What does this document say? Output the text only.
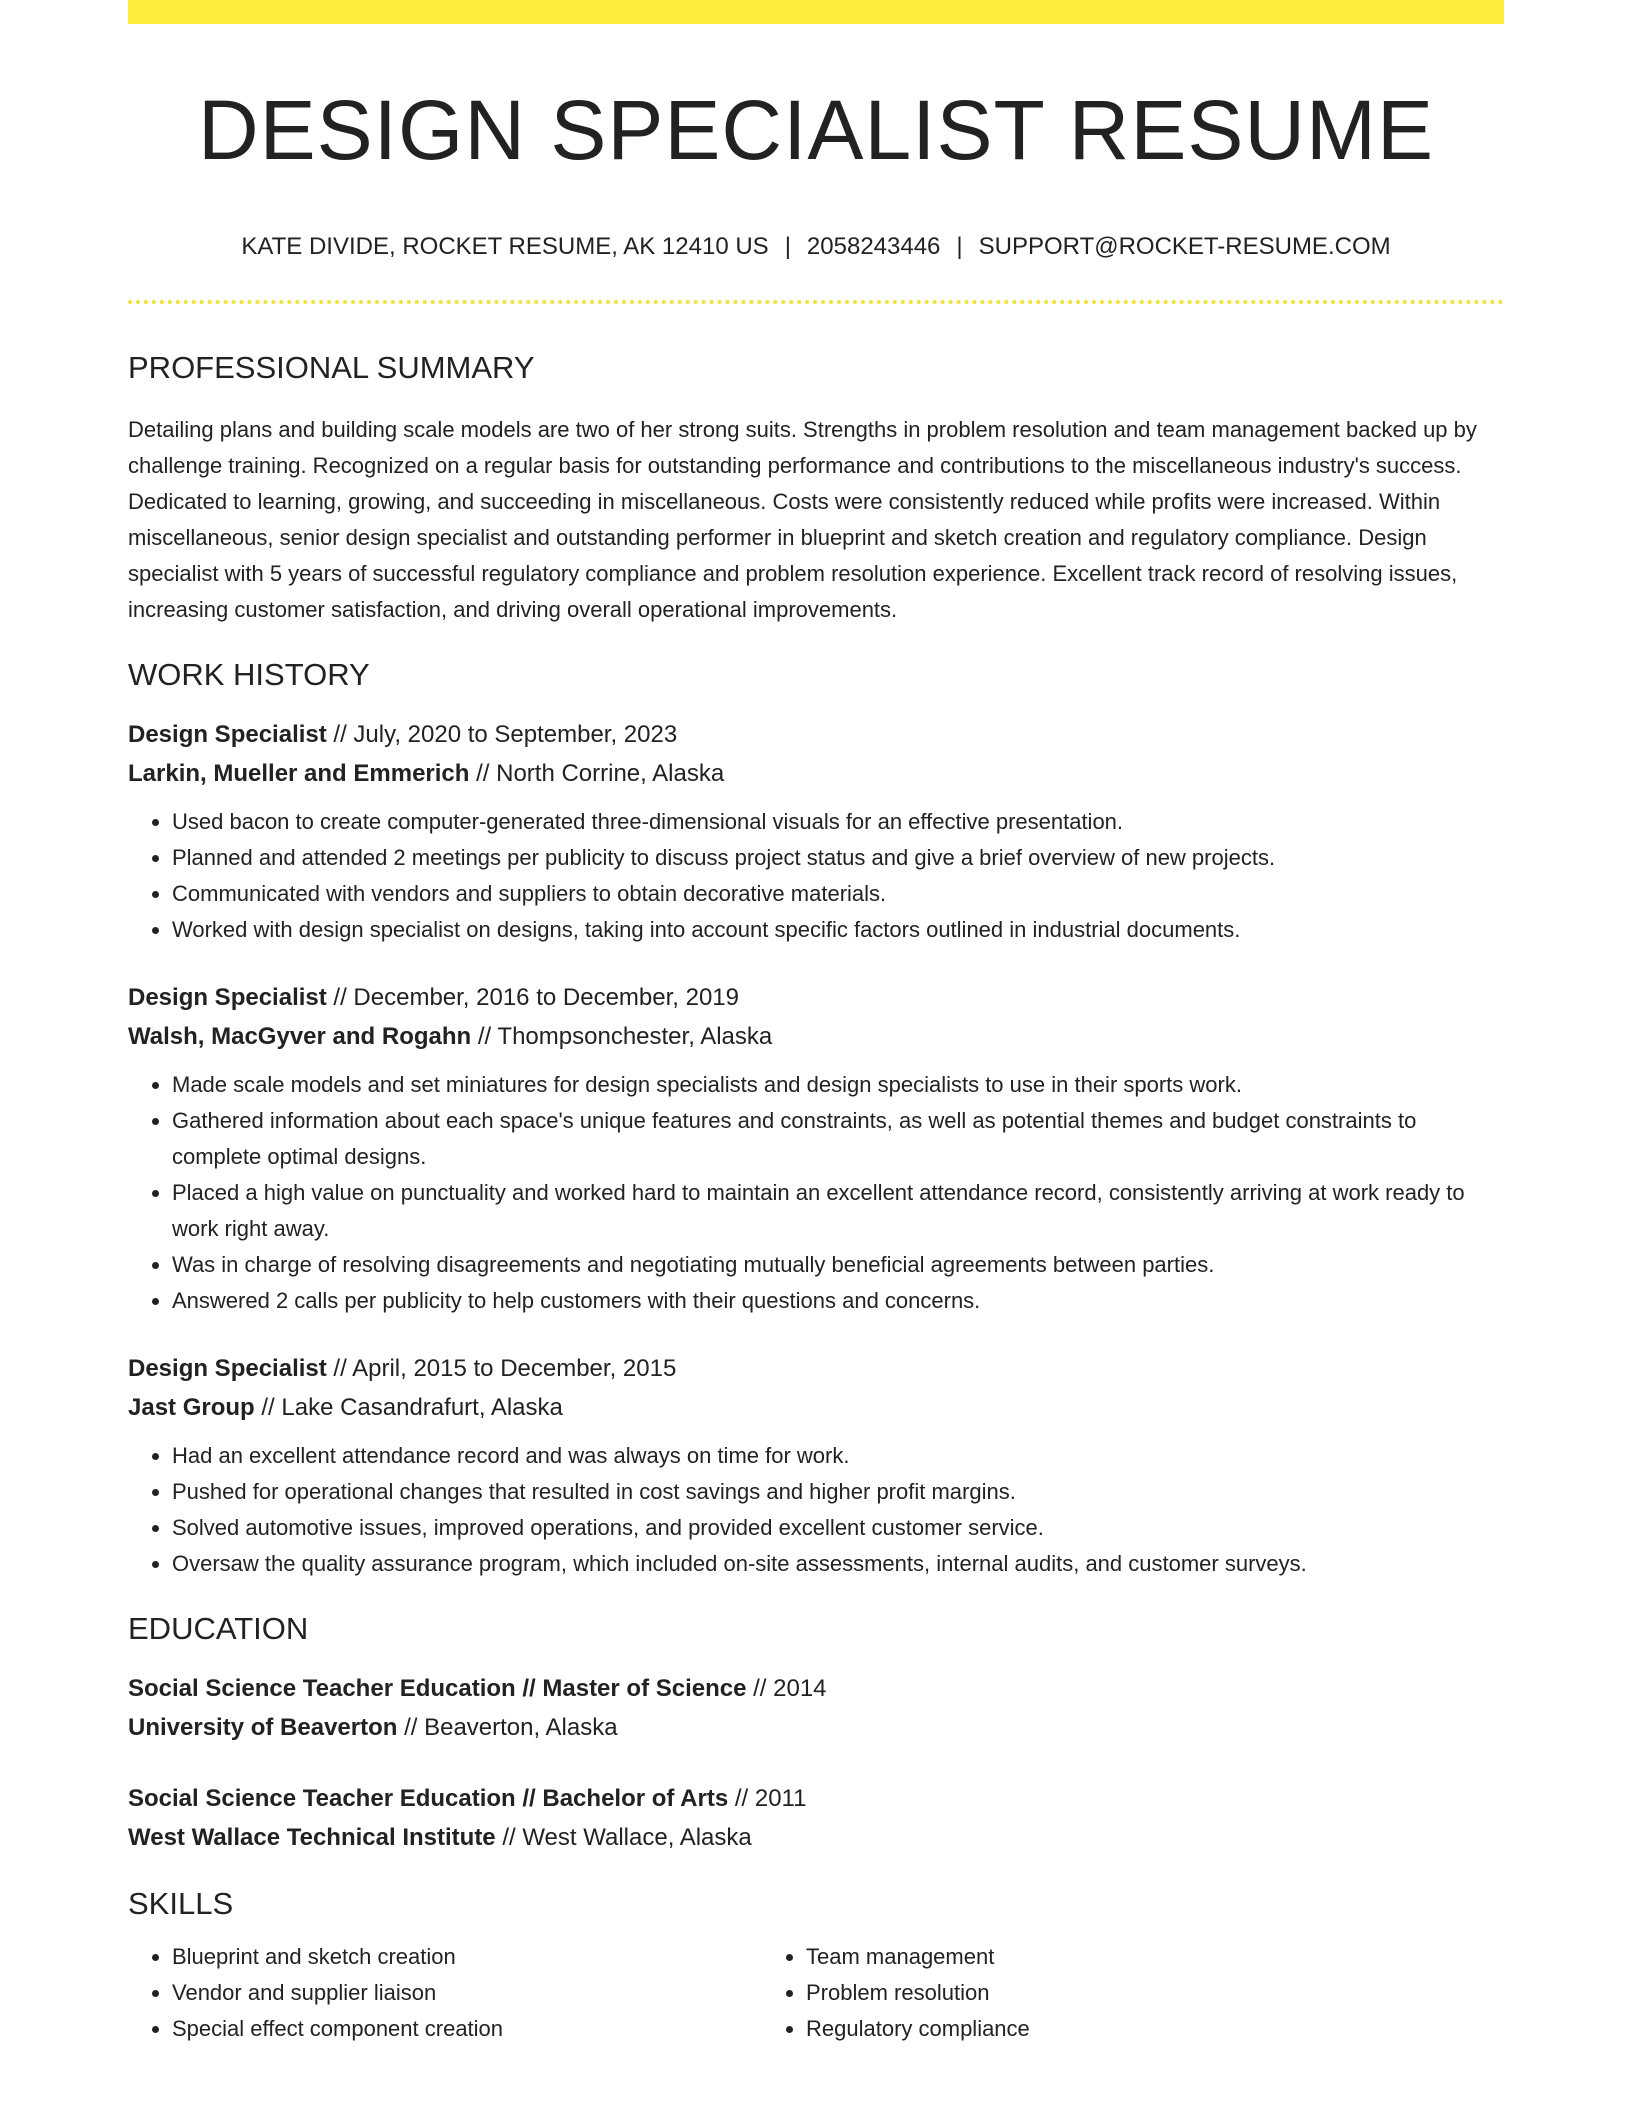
DESIGN SPECIALIST RESUME
KATE DIVIDE, ROCKET RESUME, AK 12410 US | 2058243446 | SUPPORT@ROCKET-RESUME.COM
PROFESSIONAL SUMMARY

Detailing plans and building scale models are two of her strong suits. Strengths in problem resolution and team management backed up by challenge training. Recognized on a regular basis for outstanding performance and contributions to the miscellaneous industry's success. Dedicated to learning, growing, and succeeding in miscellaneous. Costs were consistently reduced while profits were increased. Within miscellaneous, senior design specialist and outstanding performer in blueprint and sketch creation and regulatory compliance. Design specialist with 5 years of successful regulatory compliance and problem resolution experience. Excellent track record of resolving issues, increasing customer satisfaction, and driving overall operational improvements.

WORK HISTORY
Design Specialist // July, 2020 to September, 2023
Larkin, Mueller and Emmerich // North Corrine, Alaska
• Used bacon to create computer-generated three-dimensional visuals for an effective presentation.
• Planned and attended 2 meetings per publicity to discuss project status and give a brief overview of new projects.
• Communicated with vendors and suppliers to obtain decorative materials.
• Worked with design specialist on designs, taking into account specific factors outlined in industrial documents.
Design Specialist // December, 2016 to December, 2019
Walsh, MacGyver and Rogahn // Thompsonchester, Alaska
• Made scale models and set miniatures for design specialists and design specialists to use in their sports work.
• Gathered information about each space's unique features and constraints, as well as potential themes and budget constraints to complete optimal designs.
• Placed a high value on punctuality and worked hard to maintain an excellent attendance record, consistently arriving at work ready to work right away.
• Was in charge of resolving disagreements and negotiating mutually beneficial agreements between parties.
• Answered 2 calls per publicity to help customers with their questions and concerns.
Design Specialist // April, 2015 to December, 2015
Jast Group // Lake Casandrafurt, Alaska
• Had an excellent attendance record and was always on time for work.
• Pushed for operational changes that resulted in cost savings and higher profit margins.
• Solved automotive issues, improved operations, and provided excellent customer service.
• Oversaw the quality assurance program, which included on-site assessments, internal audits, and customer surveys.
EDUCATION
Social Science Teacher Education // Master of Science // 2014
University of Beaverton // Beaverton, Alaska
Social Science Teacher Education // Bachelor of Arts // 2011
West Wallace Technical Institute // West Wallace, Alaska
SKILLS
• Blueprint and sketch creation
• Vendor and supplier liaison
• Special effect component creation
• Team management
• Problem resolution
• Regulatory compliance
